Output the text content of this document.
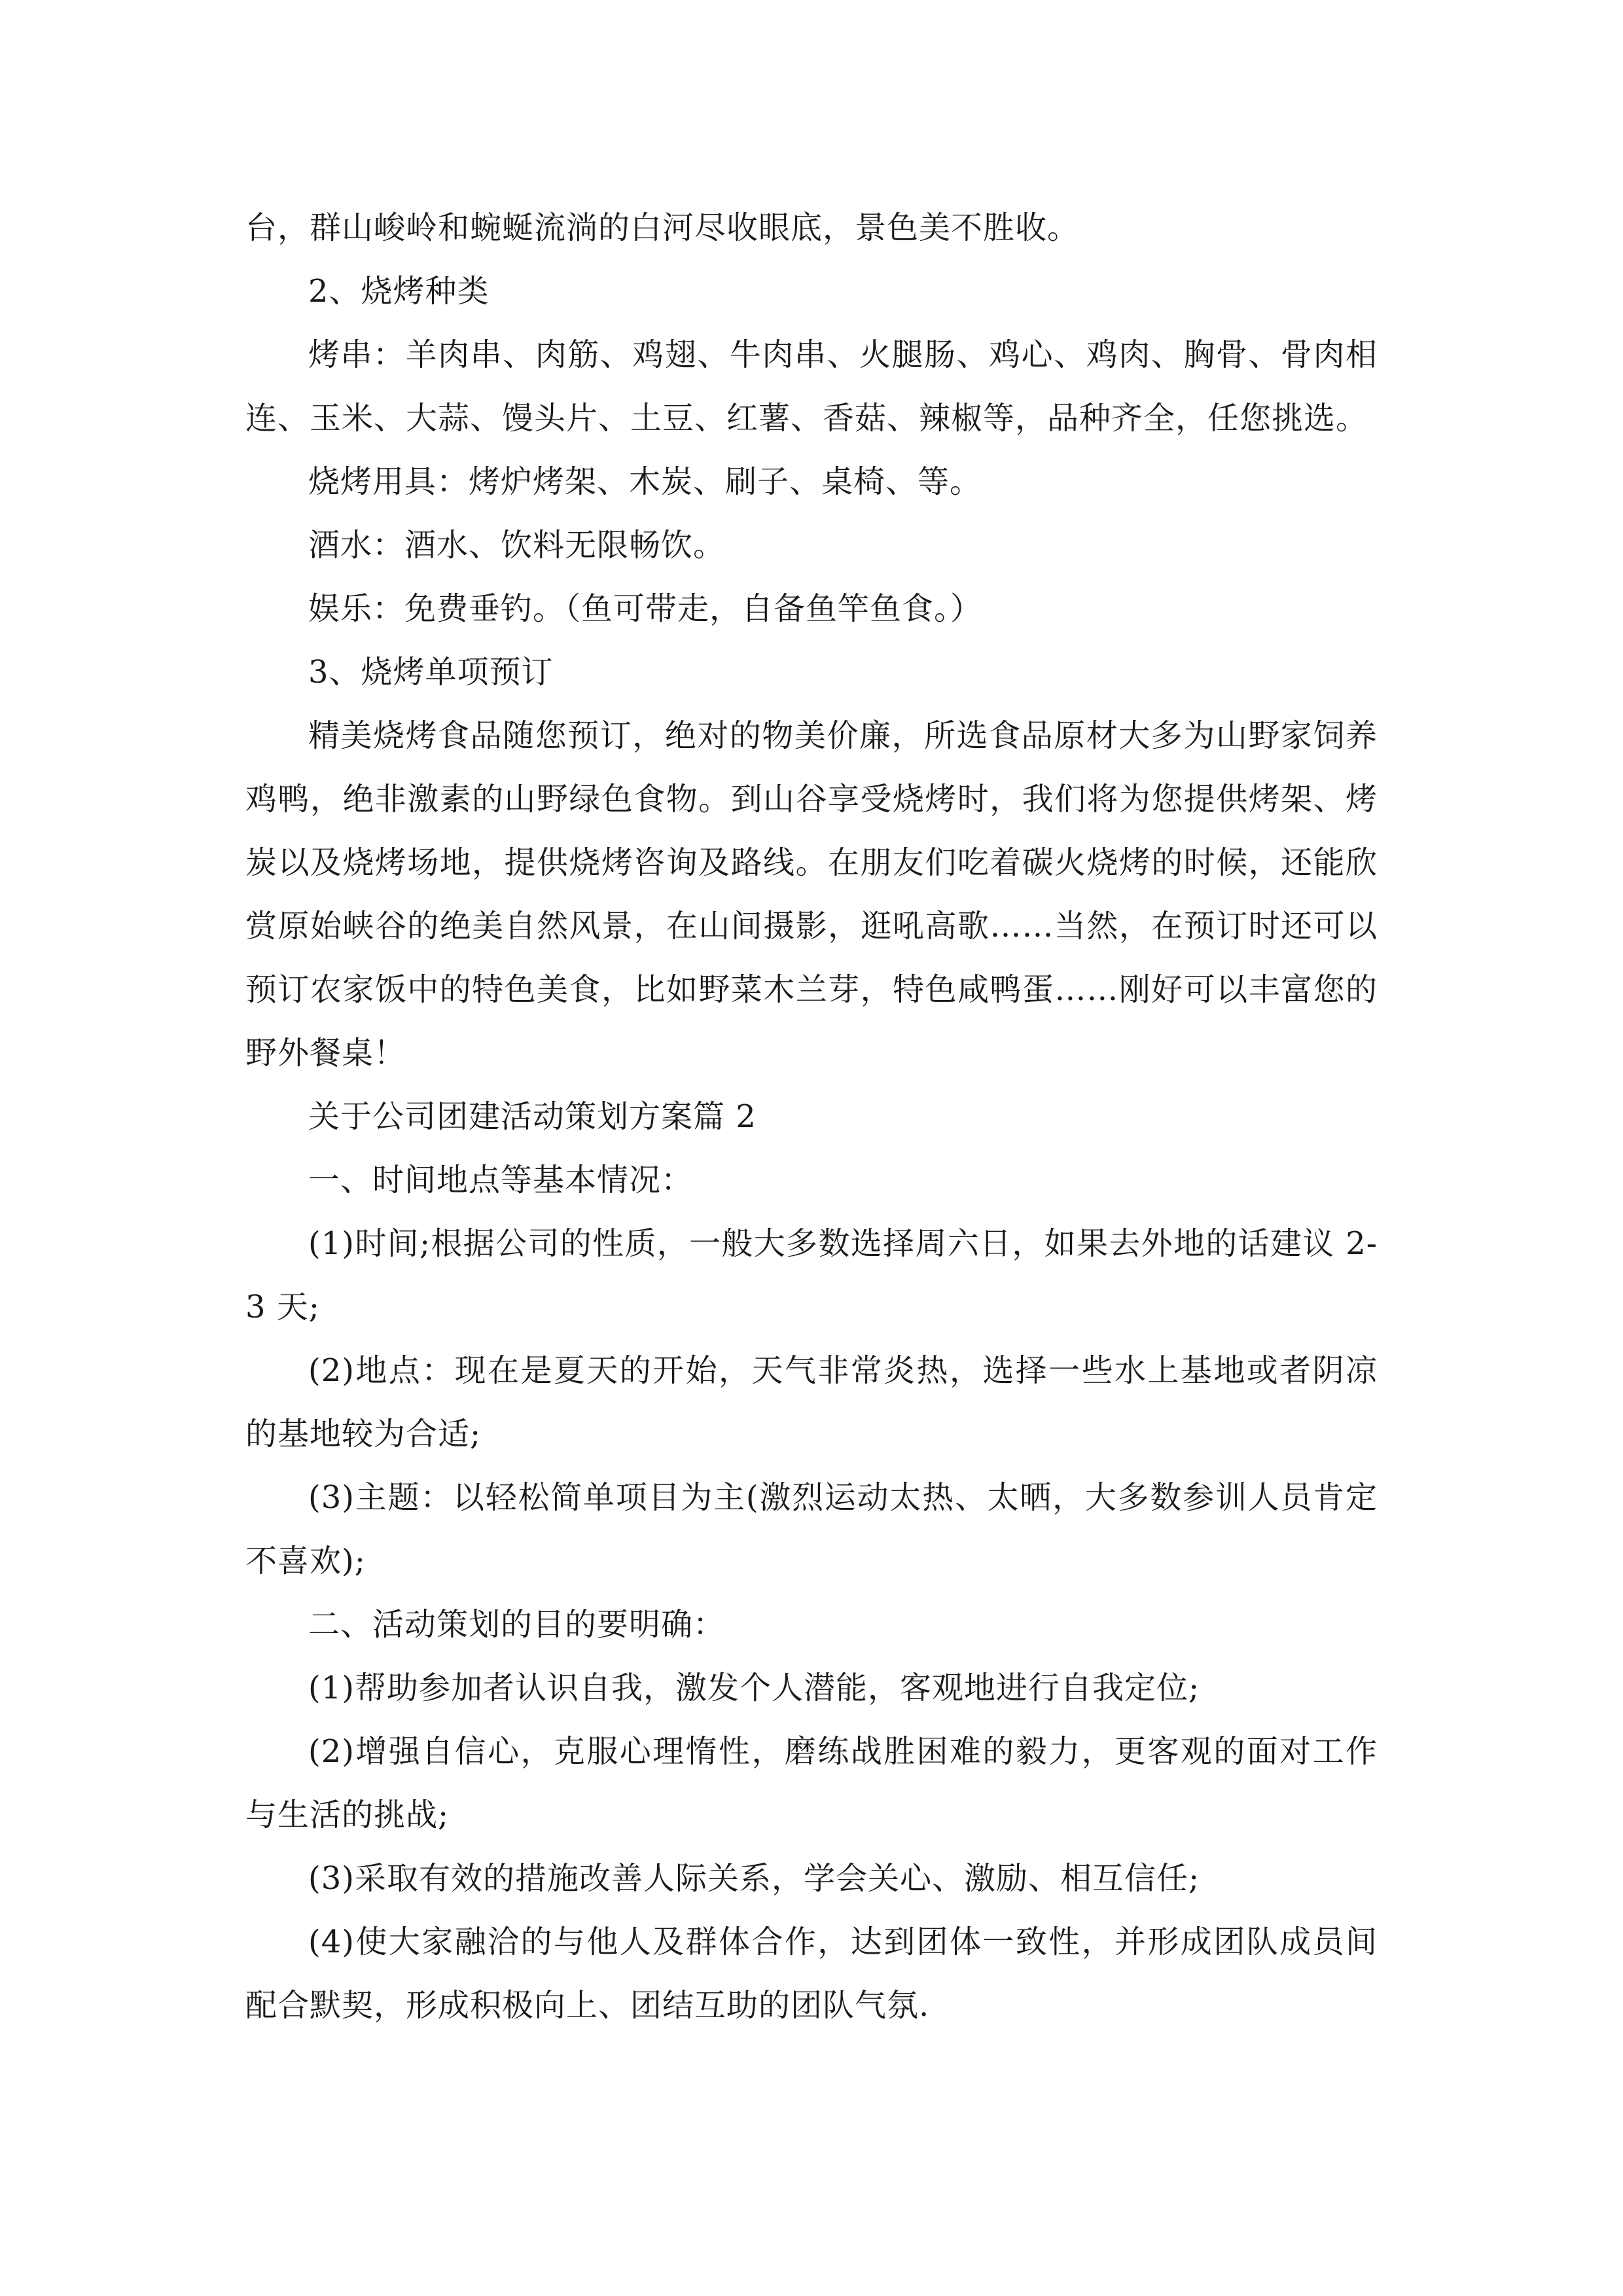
台，群山峻岭和蜿蜒流淌的白河尽收眼底，景色美不胜收。

2、烧烤种类

烤串：羊肉串、肉筋、鸡翅、牛肉串、火腿肠、鸡心、鸡肉、胸骨、骨肉相连、玉米、大蒜、馒头片、土豆、红薯、香菇、辣椒等，品种齐全，任您挑选。

烧烤用具：烤炉烤架、木炭、刷子、桌椅、等。

酒水：酒水、饮料无限畅饮。

娱乐：免费垂钓。（鱼可带走，自备鱼竿鱼食。）

3、烧烤单项预订

精美烧烤食品随您预订，绝对的物美价廉，所选食品原材大多为山野家饲养鸡鸭，绝非激素的山野绿色食物。到山谷享受烧烤时，我们将为您提供烤架、烤炭以及烧烤场地，提供烧烤咨询及路线。在朋友们吃着碳火烧烤的时候，还能欣赏原始峡谷的绝美自然风景，在山间摄影，逛吼高歌……当然，在预订时还可以预订农家饭中的特色美食，比如野菜木兰芽，特色咸鸭蛋……刚好可以丰富您的野外餐桌！

关于公司团建活动策划方案篇 2

一、时间地点等基本情况：

(1)时间;根据公司的性质，一般大多数选择周六日，如果去外地的话建议 2-3 天;

(2)地点：现在是夏天的开始，天气非常炎热，选择一些水上基地或者阴凉的基地较为合适;

(3)主题：以轻松简单项目为主(激烈运动太热、太晒，大多数参训人员肯定不喜欢);

二、活动策划的目的要明确：

(1)帮助参加者认识自我，激发个人潜能，客观地进行自我定位;

(2)增强自信心，克服心理惰性，磨练战胜困难的毅力，更客观的面对工作与生活的挑战;

(3)采取有效的措施改善人际关系，学会关心、激励、相互信任;

(4)使大家融洽的与他人及群体合作，达到团体一致性，并形成团队成员间配合默契，形成积极向上、团结互助的团队气氛.
